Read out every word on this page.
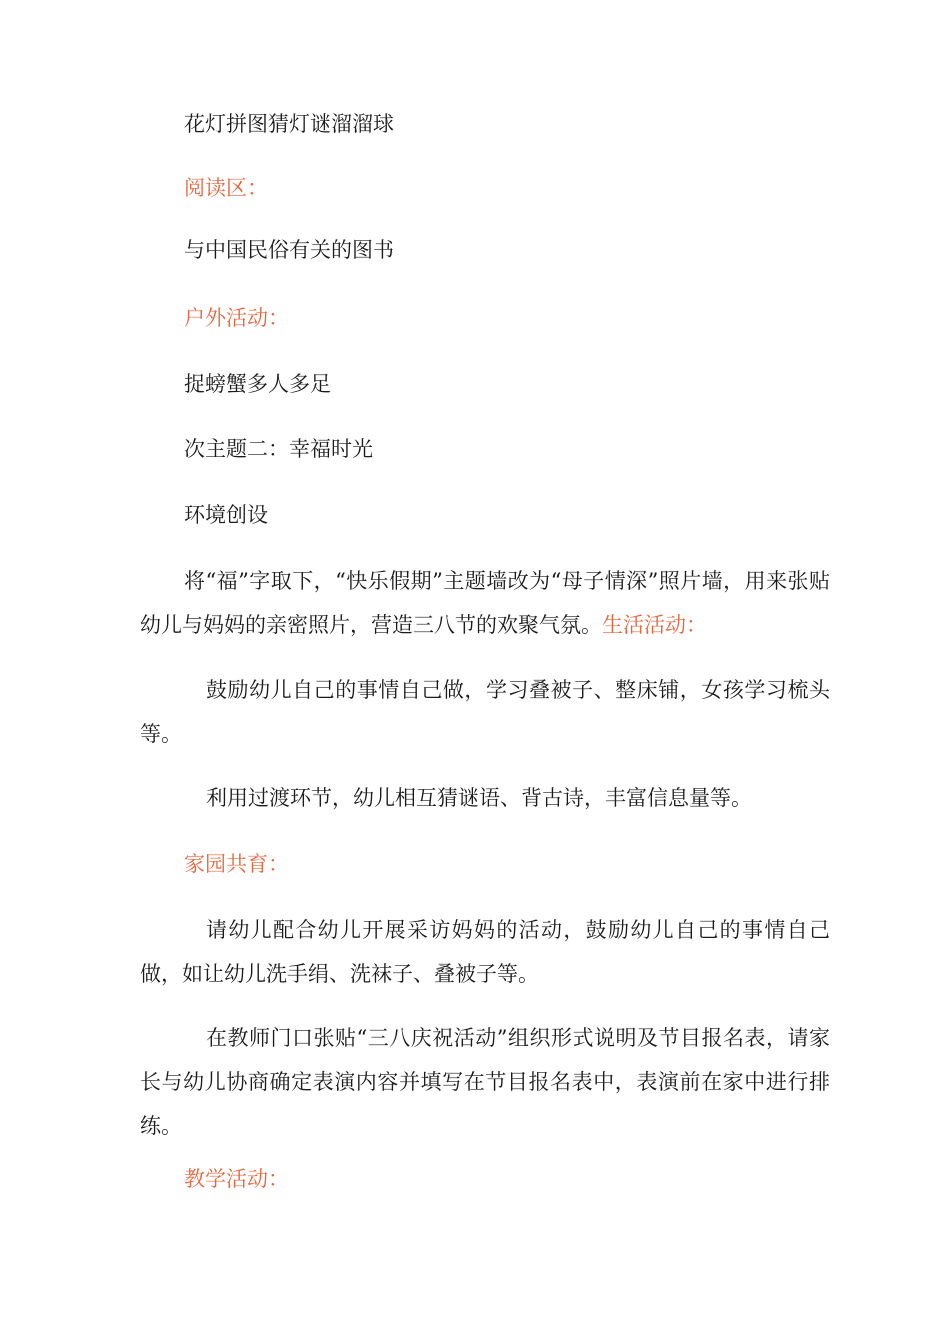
花灯拼图猜灯谜溜溜球

阅读区：

与中国民俗有关的图书

户外活动：

捉螃蟹多人多足

次主题二：幸福时光

环境创设

将“福”字取下，“快乐假期”主题墙改为“母子情深”照片墙，用来张贴幼儿与妈妈的亲密照片，营造三八节的欢聚气氛。生活活动：

鼓励幼儿自己的事情自己做，学习叠被子、整床铺，女孩学习梳头等。

利用过渡环节，幼儿相互猜谜语、背古诗，丰富信息量等。

家园共育：

请幼儿配合幼儿开展采访妈妈的活动，鼓励幼儿自己的事情自己做，如让幼儿洗手绢、洗袜子、叠被子等。

在教师门口张贴“三八庆祝活动”组织形式说明及节目报名表，请家长与幼儿协商确定表演内容并填写在节目报名表中，表演前在家中进行排练。

教学活动：
